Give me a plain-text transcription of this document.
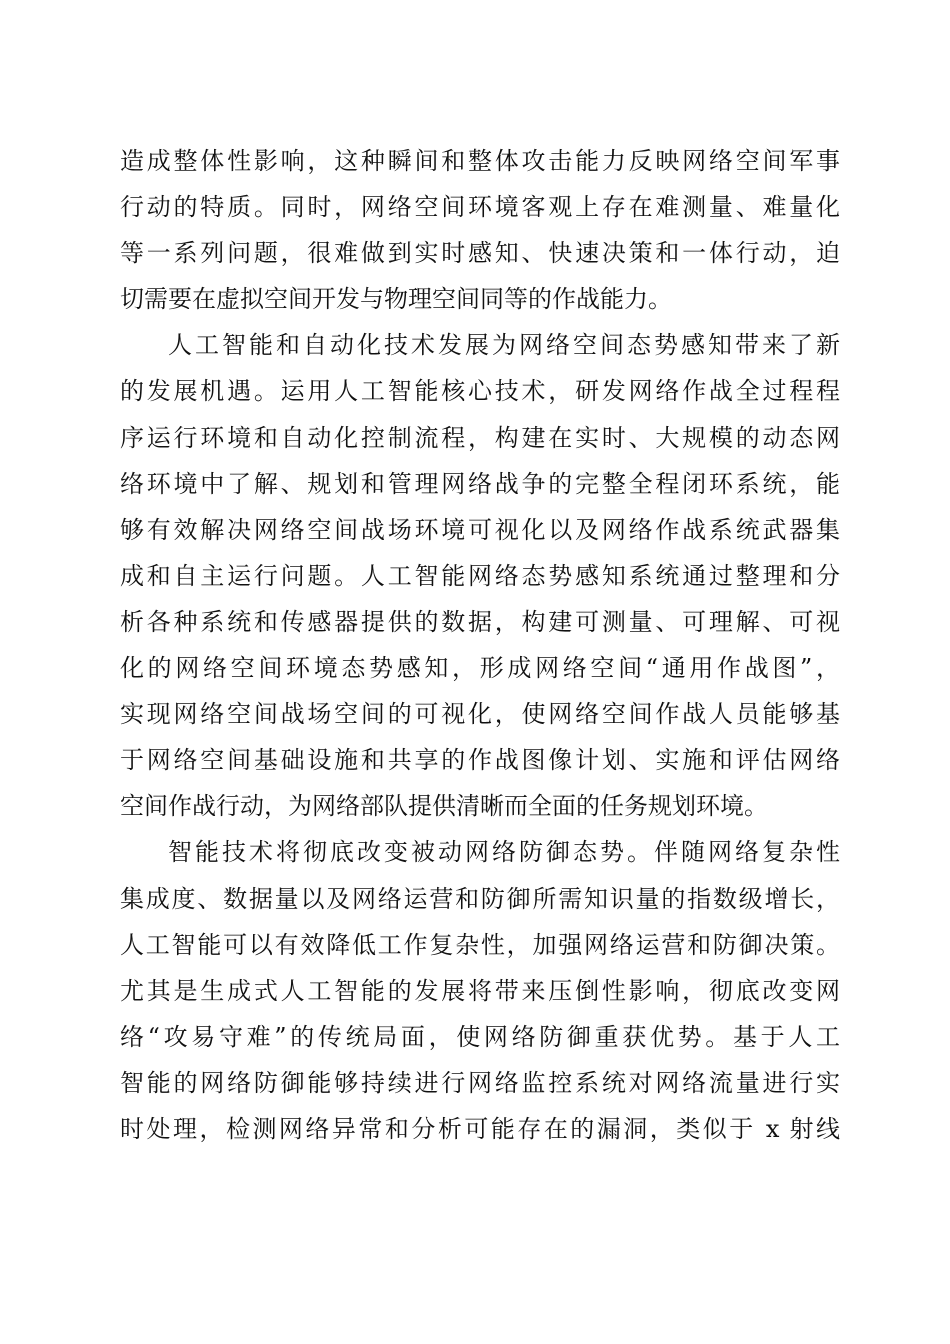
造成整体性影响，这种瞬间和整体攻击能力反映网络空间军事
行动的特质。同时，网络空间环境客观上存在难测量、难量化
等一系列问题，很难做到实时感知、快速决策和一体行动，迫
切需要在虚拟空间开发与物理空间同等的作战能力。
人工智能和自动化技术发展为网络空间态势感知带来了新
的发展机遇。运用人工智能核心技术，研发网络作战全过程程
序运行环境和自动化控制流程，构建在实时、大规模的动态网
络环境中了解、规划和管理网络战争的完整全程闭环系统，能
够有效解决网络空间战场环境可视化以及网络作战系统武器集
成和自主运行问题。人工智能网络态势感知系统通过整理和分
析各种系统和传感器提供的数据，构建可测量、可理解、可视
化的网络空间环境态势感知，形成网络空间“通用作战图”，
实现网络空间战场空间的可视化，使网络空间作战人员能够基
于网络空间基础设施和共享的作战图像计划、实施和评估网络
空间作战行动，为网络部队提供清晰而全面的任务规划环境。
智能技术将彻底改变被动网络防御态势。伴随网络复杂性
集成度、数据量以及网络运营和防御所需知识量的指数级增长，
人工智能可以有效降低工作复杂性，加强网络运营和防御决策。
尤其是生成式人工智能的发展将带来压倒性影响，彻底改变网
络“攻易守难”的传统局面，使网络防御重获优势。基于人工
智能的网络防御能够持续进行网络监控系统对网络流量进行实
时处理，检测网络异常和分析可能存在的漏洞，类似于 x 射线
